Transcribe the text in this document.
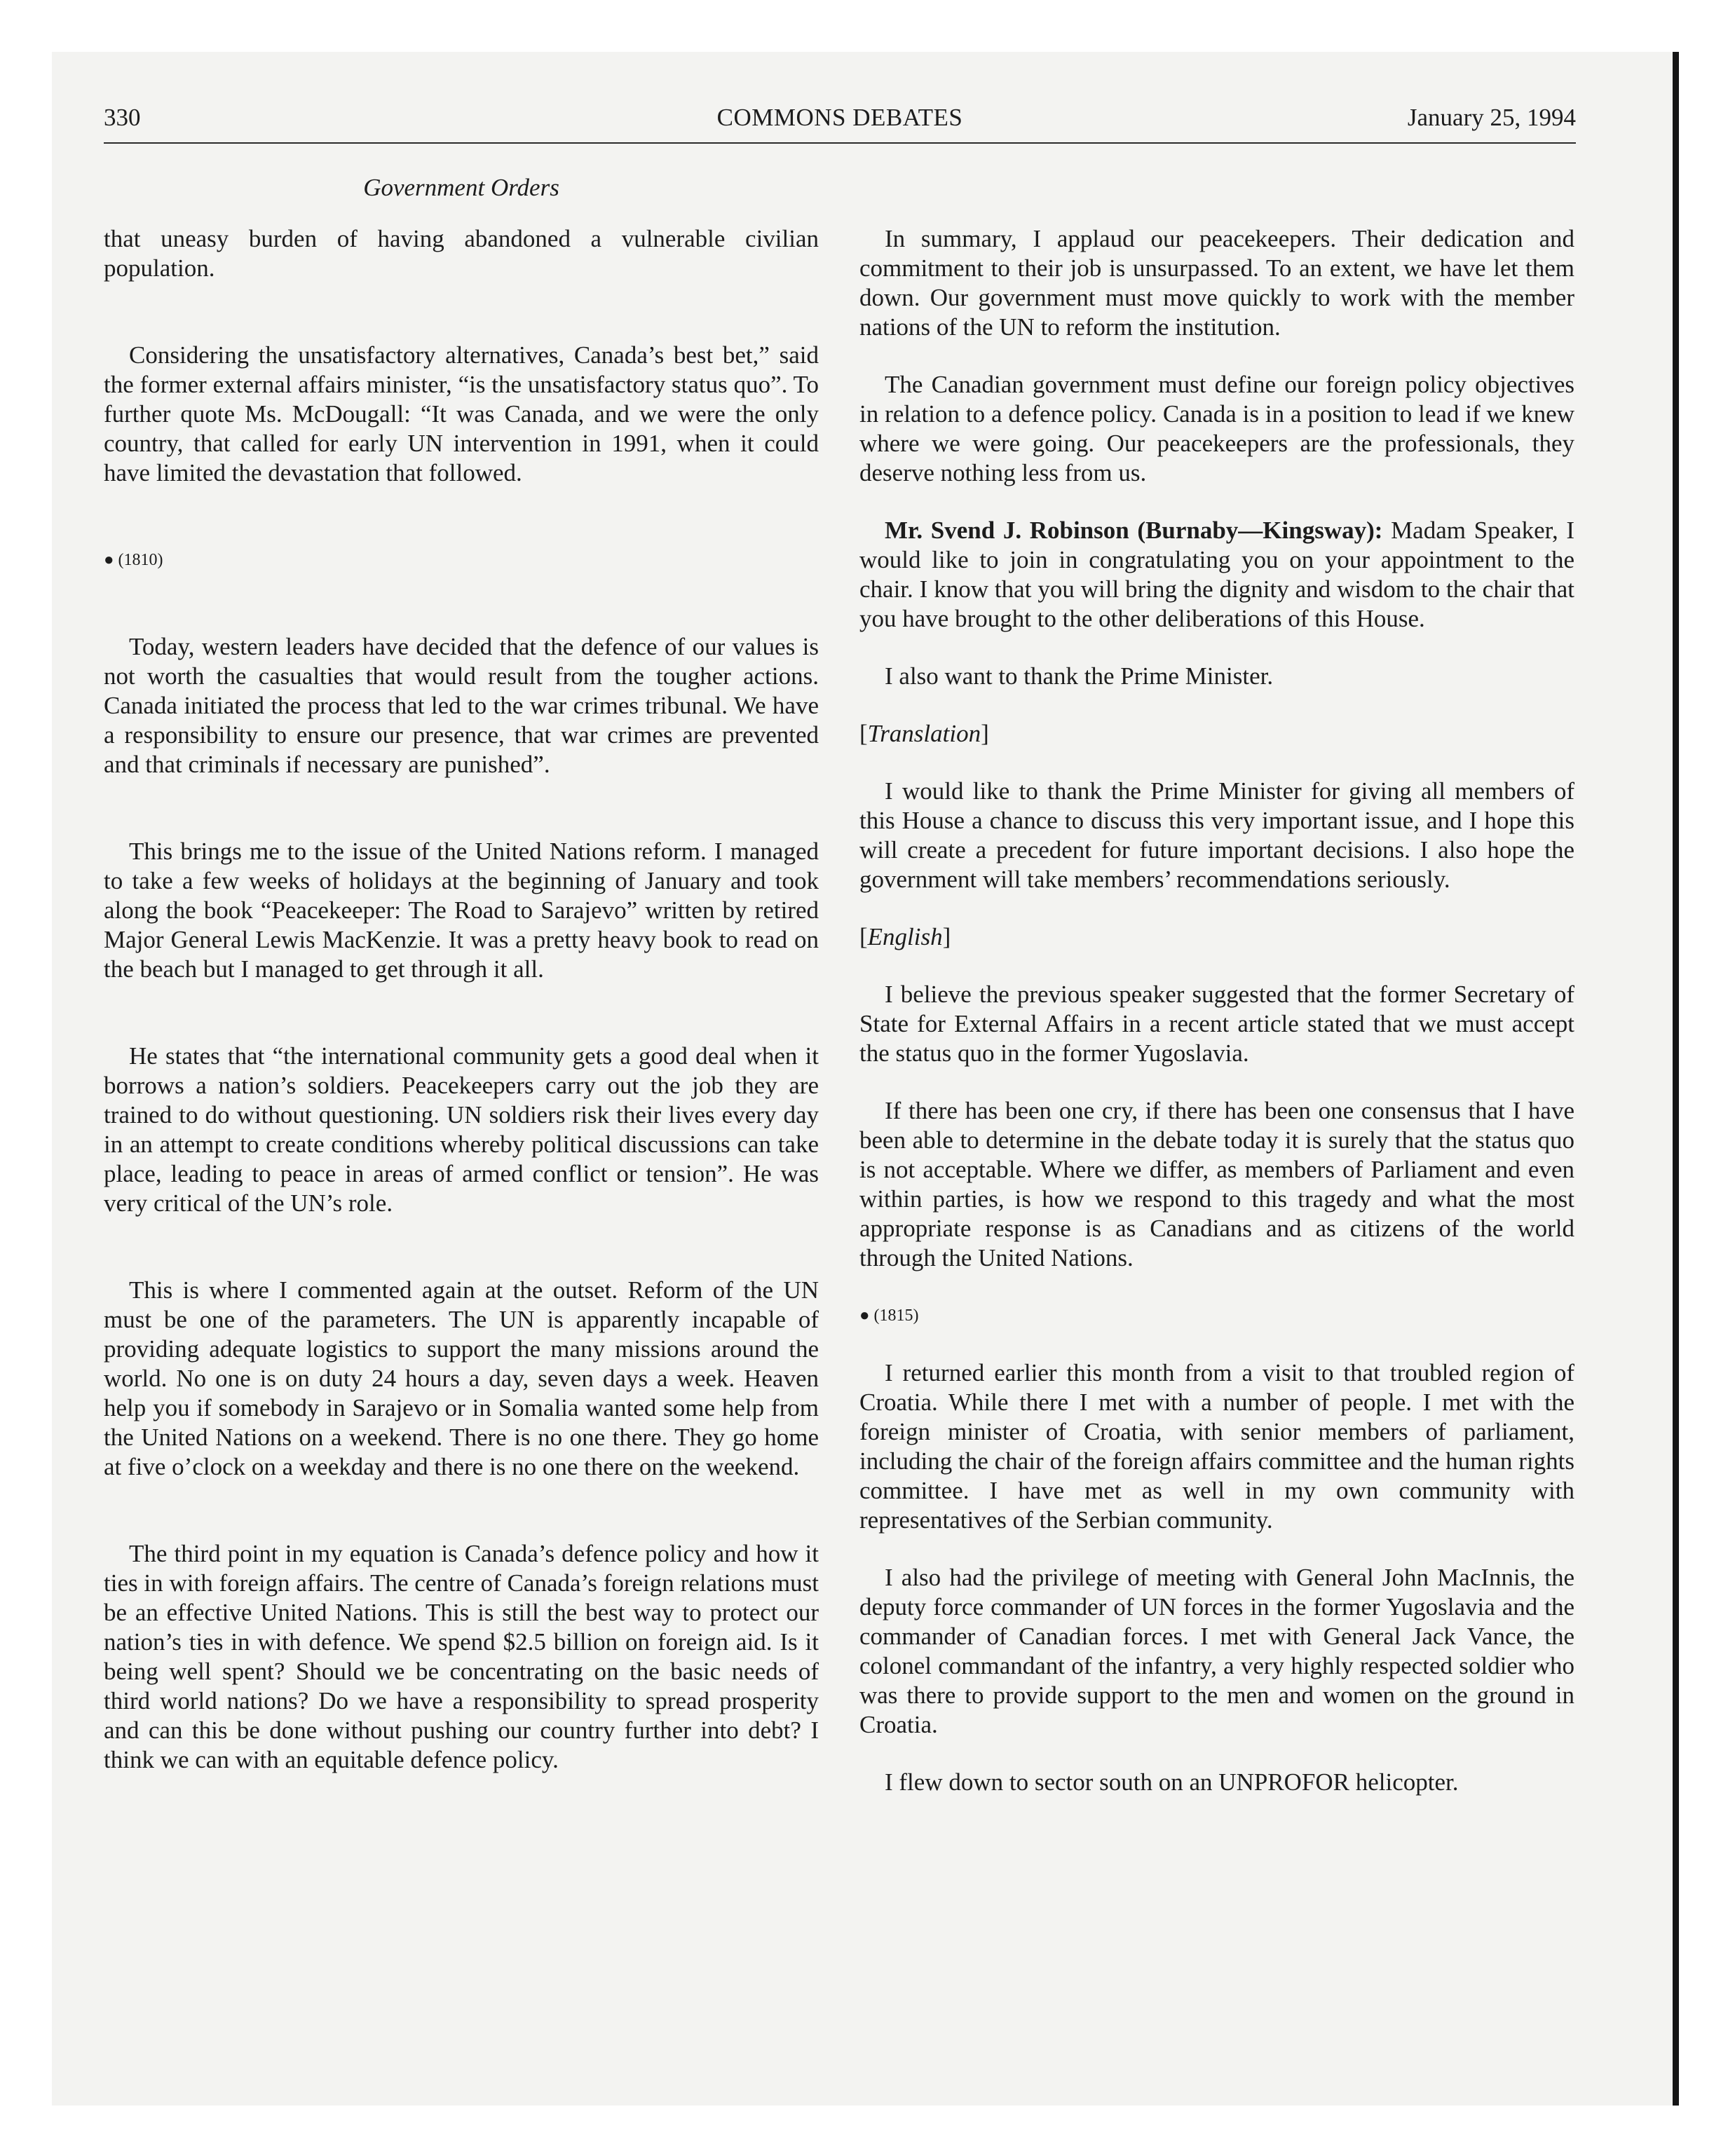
330	COMMONS DEBATES	January 25, 1994
Government Orders

that uneasy burden of having abandoned a vulnerable civilian population.

Considering the unsatisfactory alternatives, Canada’s best bet,” said the former external affairs minister, “is the unsatisfactory status quo”. To further quote Ms. McDougall: “It was Canada, and we were the only country, that called for early UN intervention in 1991, when it could have limited the devastation that followed.

● (1810)

Today, western leaders have decided that the defence of our values is not worth the casualties that would result from the tougher actions. Canada initiated the process that led to the war crimes tribunal. We have a responsibility to ensure our presence, that war crimes are prevented and that criminals if necessary are punished”.

This brings me to the issue of the United Nations reform. I managed to take a few weeks of holidays at the beginning of January and took along the book “Peacekeeper: The Road to Sarajevo” written by retired Major General Lewis MacKenzie. It was a pretty heavy book to read on the beach but I managed to get through it all.

He states that “the international community gets a good deal when it borrows a nation’s soldiers. Peacekeepers carry out the job they are trained to do without questioning. UN soldiers risk their lives every day in an attempt to create conditions whereby political discussions can take place, leading to peace in areas of armed conflict or tension”. He was very critical of the UN’s role.

This is where I commented again at the outset. Reform of the UN must be one of the parameters. The UN is apparently incapable of providing adequate logistics to support the many missions around the world. No one is on duty 24 hours a day, seven days a week. Heaven help you if somebody in Sarajevo or in Somalia wanted some help from the United Nations on a weekend. There is no one there. They go home at five o’clock on a weekday and there is no one there on the weekend.

The third point in my equation is Canada’s defence policy and how it ties in with foreign affairs. The centre of Canada’s foreign relations must be an effective United Nations. This is still the best way to protect our nation’s ties in with defence. We spend $2.5 billion on foreign aid. Is it being well spent? Should we be concentrating on the basic needs of third world nations? Do we have a responsibility to spread prosperity and can this be done without pushing our country further into debt? I think we can with an equitable defence policy.

In summary, I applaud our peacekeepers. Their dedication and commitment to their job is unsurpassed. To an extent, we have let them down. Our government must move quickly to work with the member nations of the UN to reform the institution.

The Canadian government must define our foreign policy objectives in relation to a defence policy. Canada is in a position to lead if we knew where we were going. Our peacekeepers are the professionals, they deserve nothing less from us.

Mr. Svend J. Robinson (Burnaby—Kingsway): Madam Speaker, I would like to join in congratulating you on your appointment to the chair. I know that you will bring the dignity and wisdom to the chair that you have brought to the other deliberations of this House.

I also want to thank the Prime Minister.

[Translation]

I would like to thank the Prime Minister for giving all members of this House a chance to discuss this very important issue, and I hope this will create a precedent for future important decisions. I also hope the government will take members’ recommendations seriously.

[English]

I believe the previous speaker suggested that the former Secretary of State for External Affairs in a recent article stated that we must accept the status quo in the former Yugoslavia.

If there has been one cry, if there has been one consensus that I have been able to determine in the debate today it is surely that the status quo is not acceptable. Where we differ, as members of Parliament and even within parties, is how we respond to this tragedy and what the most appropriate response is as Canadians and as citizens of the world through the United Nations.

● (1815)

I returned earlier this month from a visit to that troubled region of Croatia. While there I met with a number of people. I met with the foreign minister of Croatia, with senior members of parliament, including the chair of the foreign affairs committee and the human rights committee. I have met as well in my own community with representatives of the Serbian community.

I also had the privilege of meeting with General John MacInnis, the deputy force commander of UN forces in the former Yugoslavia and the commander of Canadian forces. I met with General Jack Vance, the colonel commandant of the infantry, a very highly respected soldier who was there to provide support to the men and women on the ground in Croatia.

I flew down to sector south on an UNPROFOR helicopter.
